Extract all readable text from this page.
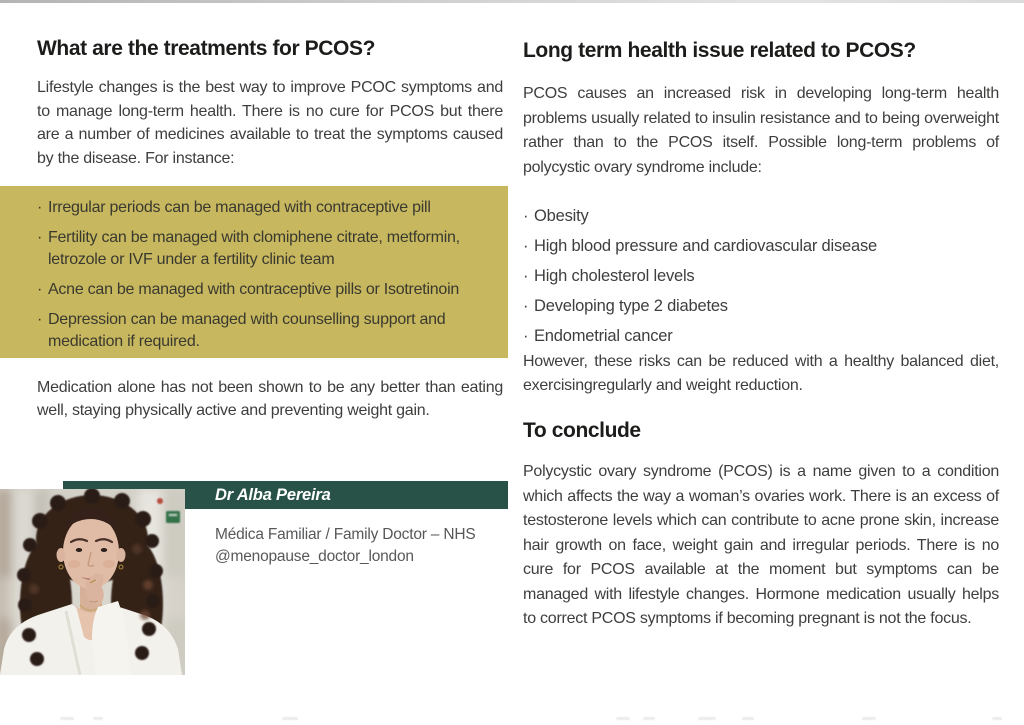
What are the treatments for PCOS?
Lifestyle changes is the best way to improve PCOC symptoms and to manage long-term health. There is no cure for PCOS but there are a number of medicines available to treat the symptoms caused by the disease. For instance:
· Irregular periods can be managed with contraceptive pill
· Fertility can be managed with clomiphene citrate, metformin, letrozole or IVF under a fertility clinic team
· Acne can be managed with contraceptive pills or Isotretinoin
· Depression can be managed with counselling support and medication if required.
Medication alone has not been shown to be any better than eating well, staying physically active and preventing weight gain.
Dr Alba Pereira
Médica Familiar / Family Doctor – NHS
@menopause_doctor_london
Long term health issue related to PCOS?
PCOS causes an increased risk in developing long-term health problems usually related to insulin resistance and to being overweight rather than to the PCOS itself. Possible long-term problems of polycystic ovary syndrome include:
· Obesity
· High blood pressure and cardiovascular disease
· High cholesterol levels
· Developing type 2 diabetes
· Endometrial cancer
However, these risks can be reduced with a healthy balanced diet, exercisingregularly and weight reduction.
To conclude
Polycystic ovary syndrome (PCOS) is a name given to a condition which affects the way a woman’s ovaries work. There is an excess of testosterone levels which can contribute to acne prone skin, increase hair growth on face, weight gain and irregular periods. There is no cure for PCOS available at the moment but symptoms can be managed with lifestyle changes. Hormone medication usually helps to correct PCOS symptoms if becoming pregnant is not the focus.
